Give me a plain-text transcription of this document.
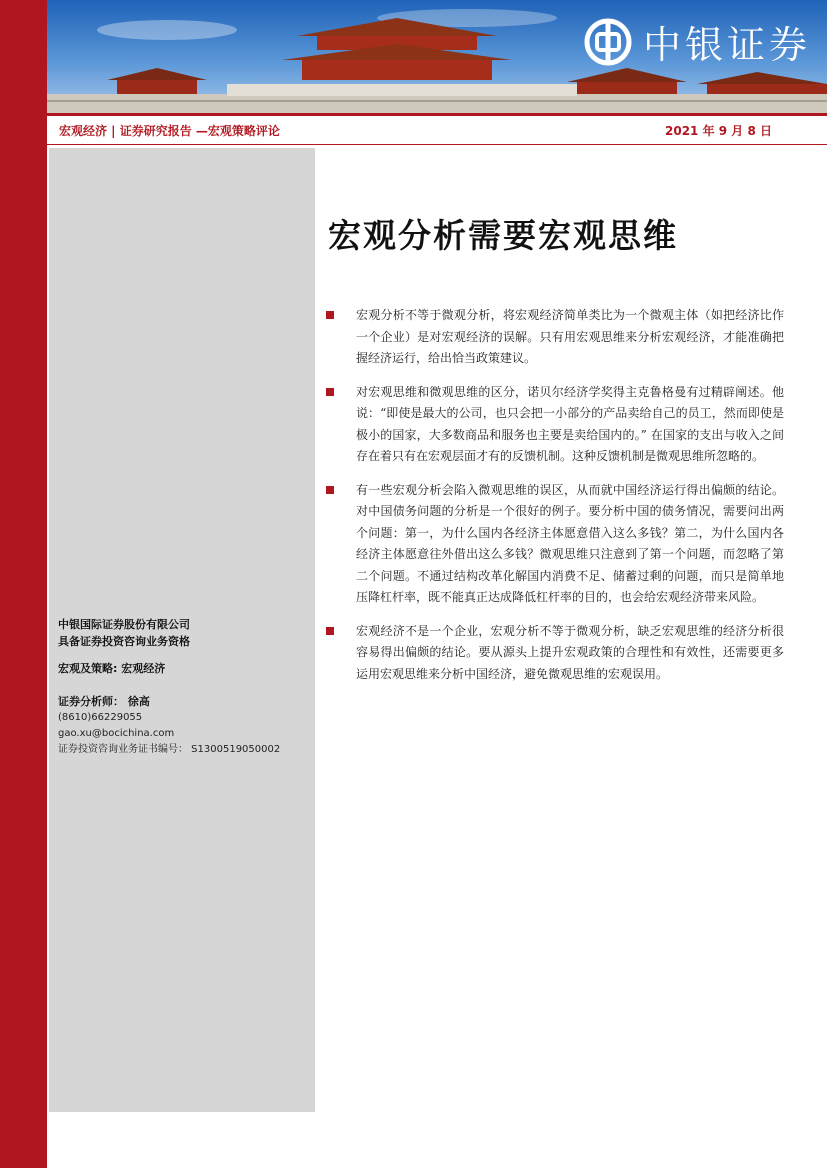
中银证券
宏观经济 | 证券研究报告 —宏观策略评论	2021 年 9 月 8 日
中银国际证券股份有限公司
具备证券投资咨询业务资格
宏观及策略: 宏观经济
证券分析师： 徐高
(8610)66229055
gao.xu@bocichina.com
证券投资咨询业务证书编号： S1300519050002
宏观分析需要宏观思维
宏观分析不等于微观分析，将宏观经济简单类比为一个微观主体（如把经济比作一个企业）是对宏观经济的误解。只有用宏观思维来分析宏观经济，才能准确把握经济运行，给出恰当政策建议。
对宏观思维和微观思维的区分，诺贝尔经济学奖得主克鲁格曼有过精辟阐述。他说：“即使是最大的公司，也只会把一小部分的产品卖给自己的员工，然而即使是极小的国家，大多数商品和服务也主要是卖给国内的。” 在国家的支出与收入之间存在着只有在宏观层面才有的反馈机制。这种反馈机制是微观思维所忽略的。
有一些宏观分析会陷入微观思维的误区，从而就中国经济运行得出偏颇的结论。对中国债务问题的分析是一个很好的例子。要分析中国的债务情况，需要问出两个问题：第一，为什么国内各经济主体愿意借入这么多钱？第二，为什么国内各经济主体愿意往外借出这么多钱？微观思维只注意到了第一个问题，而忽略了第二个问题。不通过结构改革化解国内消费不足、储蓄过剩的问题，而只是简单地压降杠杆率，既不能真正达成降低杠杆率的目的，也会给宏观经济带来风险。
宏观经济不是一个企业，宏观分析不等于微观分析，缺乏宏观思维的经济分析很容易得出偏颇的结论。要从源头上提升宏观政策的合理性和有效性，还需要更多运用宏观思维来分析中国经济，避免微观思维的宏观误用。
